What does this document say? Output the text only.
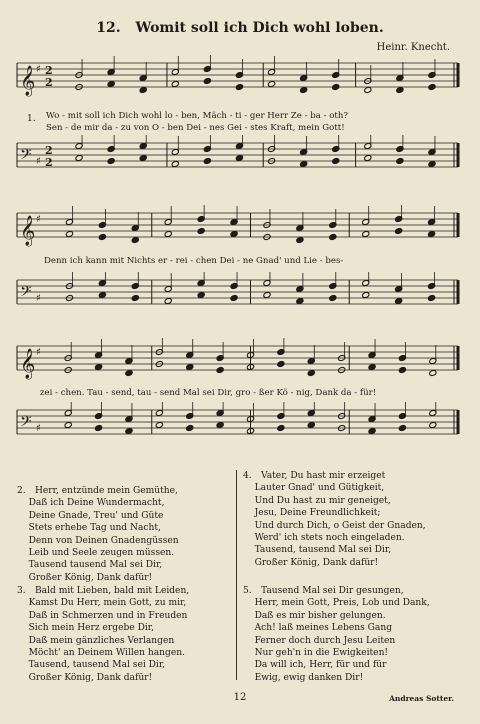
12. Womit soll ich Dich wohl loben.
Heinr. Knecht.
𝄞 ♯ 2
2
1. Wo - mit soll ich Dich wohl lo - ben, Mäch - ti - ger Herr Ze - ba - oth?
Sen - de mir da - zu von O - ben Dei - nes Gei - stes Kraft, mein Gott!
𝄢 ♯
2
2
𝄞 ♯
Denn ich kann mit Nichts er - rei - chen Dei - ne Gnad' und Lie - bes-
𝄢 ♯
𝄞 ♯
zei - chen. Tau - send, tau - send Mal sei Dir, gro - ßer Kö - nig, Dank da - für!
𝄢 ♯
2. Herr, entzünde mein Gemüthe,
Daß ich Deine Wundermacht,
Deine Gnade, Treu' und Güte
Stets erhebe Tag und Nacht,
Denn von Deinen Gnadengüssen
Leib und Seele zeugen müssen.
Tausend tausend Mal sei Dir,
Großer König, Dank dafür!
3. Bald mit Lieben, bald mit Leiden,
Kamst Du Herr, mein Gott, zu mir,
Daß in Schmerzen und in Freuden
Sich mein Herz ergebe Dir,
Daß mein gänzliches Verlangen
Möcht' an Deinem Willen hangen.
Tausend, tausend Mal sei Dir,
Großer König, Dank dafür!
4. Vater, Du hast mir erzeiget
Lauter Gnad' und Gütigkeit,
Und Du hast zu mir geneiget,
Jesu, Deine Freundlichkeit;
Und durch Dich, o Geist der Gnaden,
Werd' ich stets noch eingeladen.
Tausend, tausend Mal sei Dir,
Großer König, Dank dafür!
5. Tausend Mal sei Dir gesungen,
Herr, mein Gott, Preis, Lob und Dank,
Daß es mir bisher gelungen.
Ach! laß meines Lebens Gang
Ferner doch durch Jesu Leiten
Nur geh'n in die Ewigkeiten!
Da will ich, Herr, für und für
Ewig, ewig danken Dir!
12	Andreas Sotter.
